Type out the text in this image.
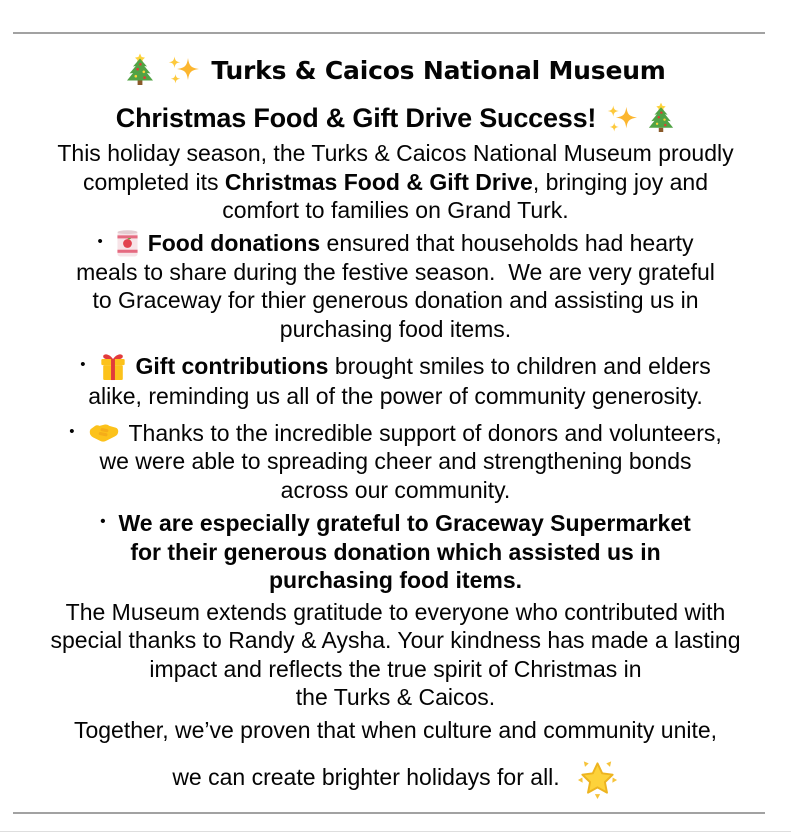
Turks & Caicos National Museum
Christmas Food & Gift Drive Success!
This holiday season, the Turks & Caicos National Museum proudly
completed its Christmas Food & Gift Drive , bringing joy and
comfort to families on Grand Turk.
• Food donations ensured that households had hearty
meals to share during the festive season.  We are very grateful
to Graceway for thier generous donation and assisting us in
purchasing food items.
• Gift contributions brought smiles to children and elders
alike, reminding us all of the power of community generosity.
• Thanks to the incredible support of donors and volunteers,
we were able to spreading cheer and strengthening bonds
across our community.
• We are especially grateful to Graceway Supermarket
for their generous donation which assisted us in
purchasing food items.
The Museum extends gratitude to everyone who contributed with
special thanks to Randy & Aysha. Your kindness has made a lasting
impact and reflects the true spirit of Christmas in
the Turks & Caicos.
Together, we’ve proven that when culture and community unite,
we can create brighter holidays for all.
